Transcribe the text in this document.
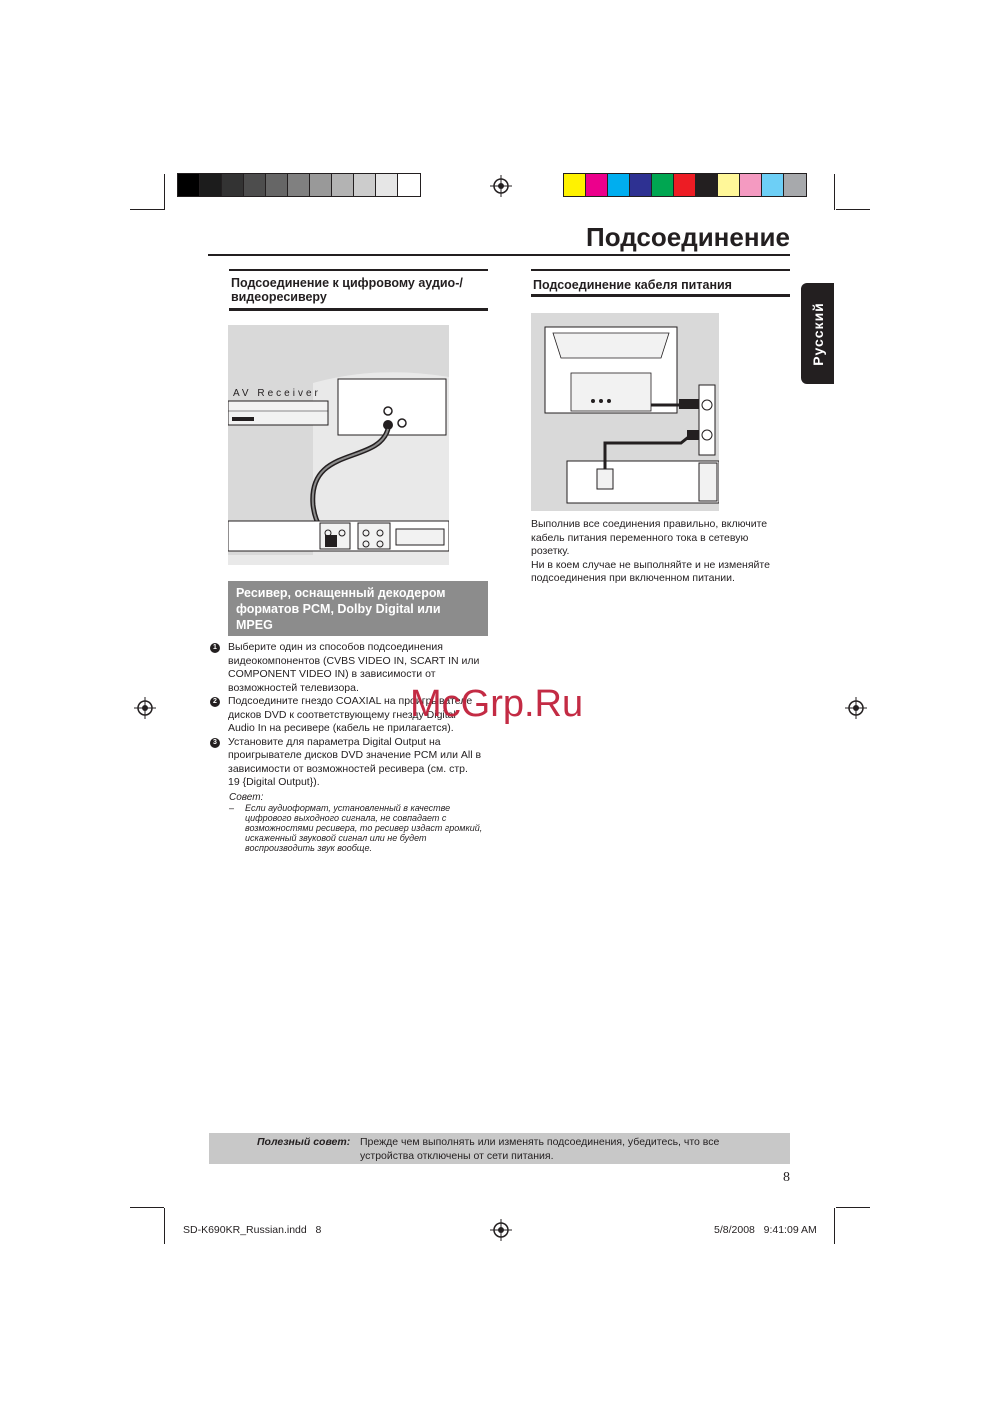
Подсоединение
Русский
Подсоединение к цифровому аудио-/ видеоресиверу
Подсоединение кабеля питания
AV Receiver
Ресивер, оснащенный декодером форматов PCM, Dolby Digital или MPEG
1 Выберите один из способов подсоединения видеокомпонентов (CVBS VIDEO IN, SCART IN или COMPONENT VIDEO IN) в зависимости от возможностей телевизора.
2 Подсоедините гнездо COAXIAL на проигрывателе дисков DVD к соответствующему гнезду Digital Audio In на ресивере (кабель не прилагается).
3 Установите для параметра Digital Output на проигрывателе дисков DVD значение PCM или All в зависимости от возможностей ресивера (см. стр. 19 {Digital Output}).
Совет:
– Если аудиоформат, установленный в качестве цифрового выходного сигнала, не совпадает с возможностями ресивера, то ресивер издаст громкий, искаженный звуковой сигнал или не будет воспроизводить звук вообще.
Выполнив все соединения правильно, включите кабель питания переменного тока в сетевую розетку.
Ни в коем случае не выполняйте и не изменяйте подсоединения при включенном питании.
McGrp.Ru
Полезный совет: Прежде чем выполнять или изменять подсоединения, убедитесь, что все устройства отключены от сети питания.
8
SD-K690KR_Russian.indd   8	5/8/2008   9:41:09 AM
